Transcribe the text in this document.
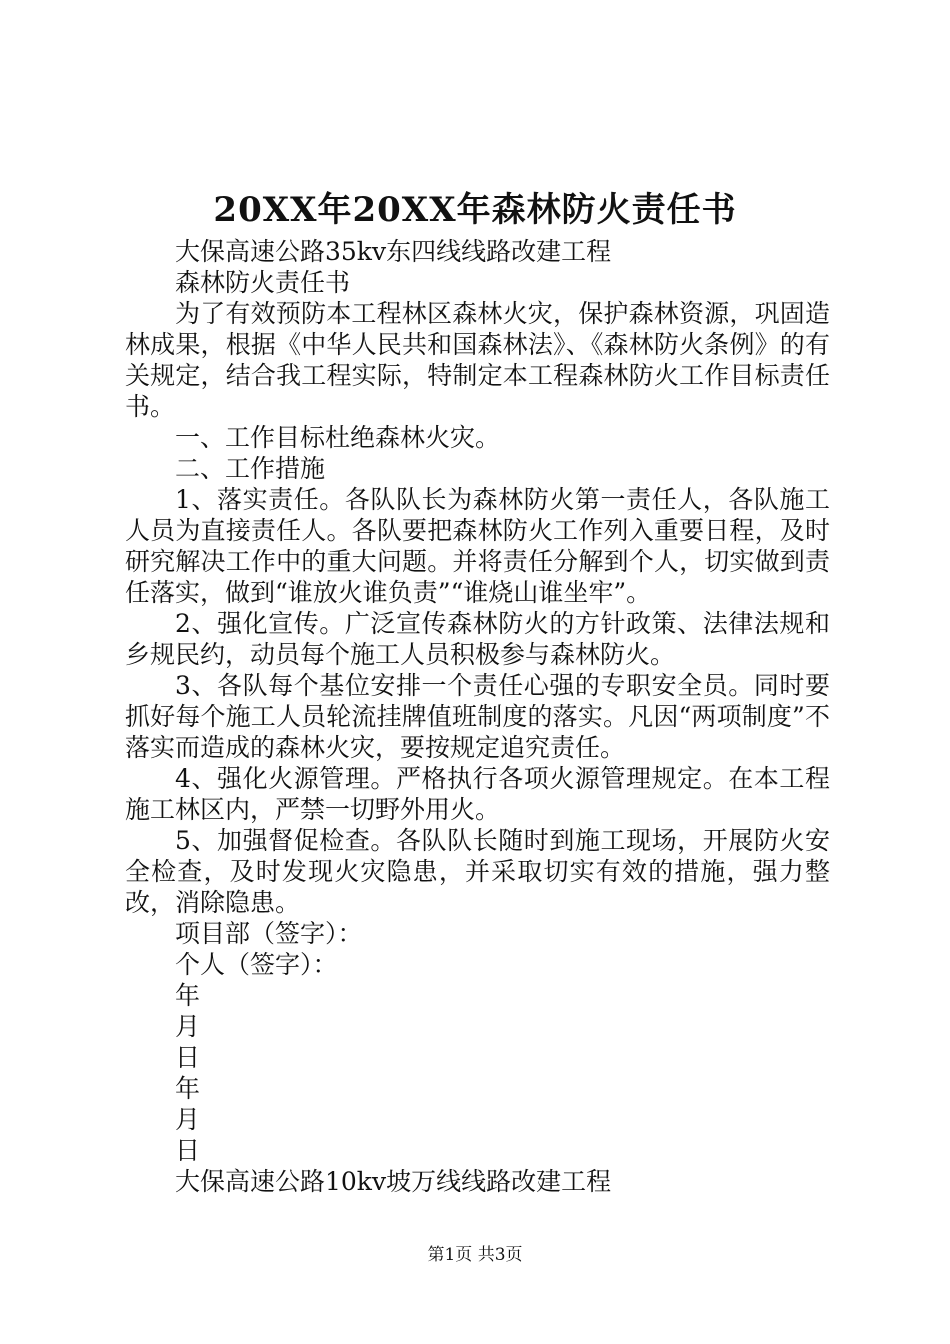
20XX年20XX年森林防火责任书

大保高速公路35kv东四线线路改建工程

森林防火责任书

为了有效预防本工程林区森林火灾，保护森林资源，巩固造林成果，根据《中华人民共和国森林法》、《森林防火条例》的有关规定，结合我工程实际，特制定本工程森林防火工作目标责任书。

一、工作目标杜绝森林火灾。

二、工作措施

1、落实责任。各队队长为森林防火第一责任人，各队施工人员为直接责任人。各队要把森林防火工作列入重要日程，及时研究解决工作中的重大问题。并将责任分解到个人，切实做到责任落实，做到“谁放火谁负责”“谁烧山谁坐牢”。

2、强化宣传。广泛宣传森林防火的方针政策、法律法规和乡规民约，动员每个施工人员积极参与森林防火。

3、各队每个基位安排一个责任心强的专职安全员。同时要抓好每个施工人员轮流挂牌值班制度的落实。凡因“两项制度”不落实而造成的森林火灾，要按规定追究责任。

4、强化火源管理。严格执行各项火源管理规定。在本工程施工林区内，严禁一切野外用火。

5、加强督促检查。各队队长随时到施工现场，开展防火安全检查，及时发现火灾隐患，并采取切实有效的措施，强力整改，消除隐患。

项目部（签字）：

个人（签字）：

年

月

日

年

月

日

大保高速公路10kv坡万线线路改建工程

第1页 共3页
